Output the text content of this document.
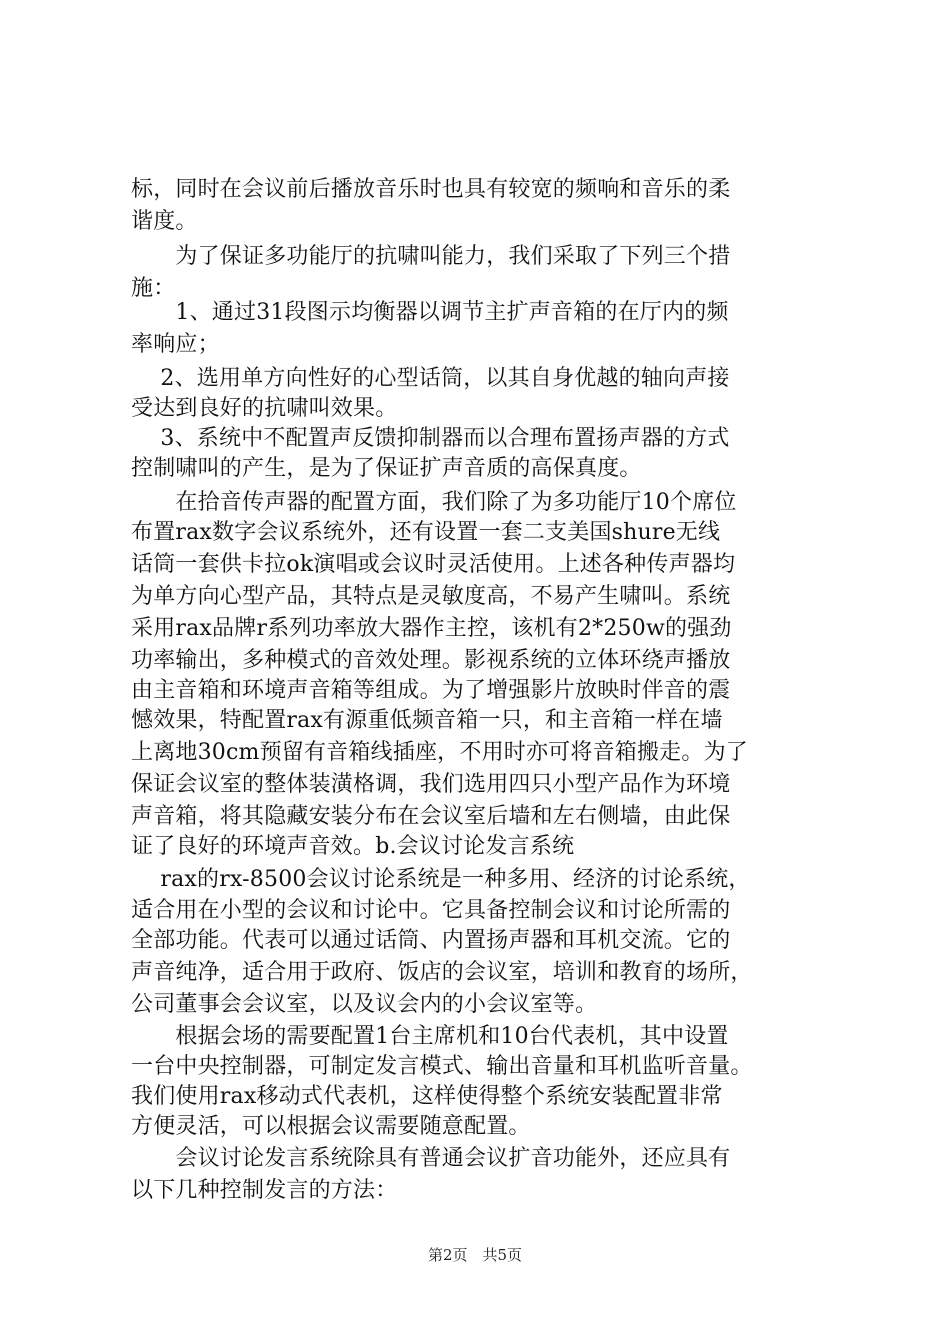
标，同时在会议前后播放音乐时也具有较宽的频响和音乐的柔
谐度。
　　为了保证多功能厅的抗啸叫能力，我们采取了下列三个措
施：
　　1、通过31段图示均衡器以调节主扩声音箱的在厅内的频
率响应；
　 2、选用单方向性好的心型话筒，以其自身优越的轴向声接
受达到良好的抗啸叫效果。
　 3、系统中不配置声反馈抑制器而以合理布置扬声器的方式
控制啸叫的产生，是为了保证扩声音质的高保真度。
　　在拾音传声器的配置方面，我们除了为多功能厅10个席位
布置rax数字会议系统外，还有设置一套二支美国shure无线
话筒一套供卡拉ok演唱或会议时灵活使用。上述各种传声器均
为单方向心型产品，其特点是灵敏度高，不易产生啸叫。系统
采用rax品牌r系列功率放大器作主控，该机有2*250w的强劲
功率输出，多种模式的音效处理。影视系统的立体环绕声播放
由主音箱和环境声音箱等组成。为了增强影片放映时伴音的震
憾效果，特配置rax有源重低频音箱一只，和主音箱一样在墙
上离地30cm预留有音箱线插座，不用时亦可将音箱搬走。为了
保证会议室的整体装潢格调，我们选用四只小型产品作为环境
声音箱，将其隐藏安装分布在会议室后墙和左右侧墙，由此保
证了良好的环境声音效。b.会议讨论发言系统
　 rax的rx-8500会议讨论系统是一种多用、经济的讨论系统，
适合用在小型的会议和讨论中。它具备控制会议和讨论所需的
全部功能。代表可以通过话筒、内置扬声器和耳机交流。它的
声音纯净，适合用于政府、饭店的会议室，培训和教育的场所，
公司董事会会议室，以及议会内的小会议室等。
　　根据会场的需要配置1台主席机和10台代表机，其中设置
一台中央控制器，可制定发言模式、输出音量和耳机监听音量。
我们使用rax移动式代表机，这样使得整个系统安装配置非常
方便灵活，可以根据会议需要随意配置。
　　会议讨论发言系统除具有普通会议扩音功能外，还应具有
以下几种控制发言的方法：
第2页　共5页
